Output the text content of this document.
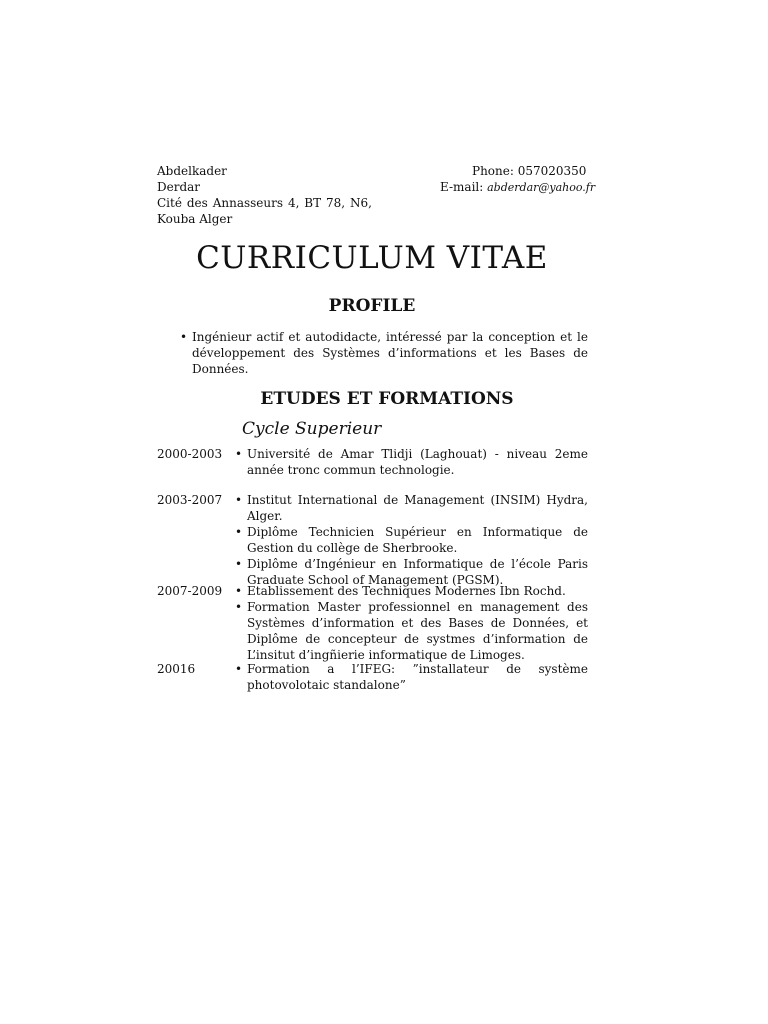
Abdelkader
Derdar
Cité des Annasseurs 4, BT 78, N6,
Kouba Alger
Phone: 057020350
E-mail: abderdar@yahoo.fr
CURRICULUM VITAE
PROFILE
• Ingénieur actif et autodidacte, intéressé par la conception et le développement des Systèmes d’informations et les Bases de Données.
ETUDES ET FORMATIONS
Cycle Superieur
2000-2003	• Université de Amar Tlidji (Laghouat) - niveau 2eme année tronc commun technologie.
2003-2007	• Institut International de Management (INSIM) Hydra, Alger.
• Diplôme Technicien Supérieur en Informatique de Gestion du collège de Sherbrooke.
• Diplôme d’Ingénieur en Informatique de l’école Paris Graduate School of Management (PGSM).
2007-2009	• Etablissement des Techniques Modernes Ibn Rochd.
• Formation Master professionnel en management des Systèmes d’information et des Bases de Données, et Diplôme de concepteur de systmes d’information de L’insitut d’ingñierie informatique de Limoges.
20016	• Formation a l’IFEG: ”installateur de système photovolotaic standalone”
